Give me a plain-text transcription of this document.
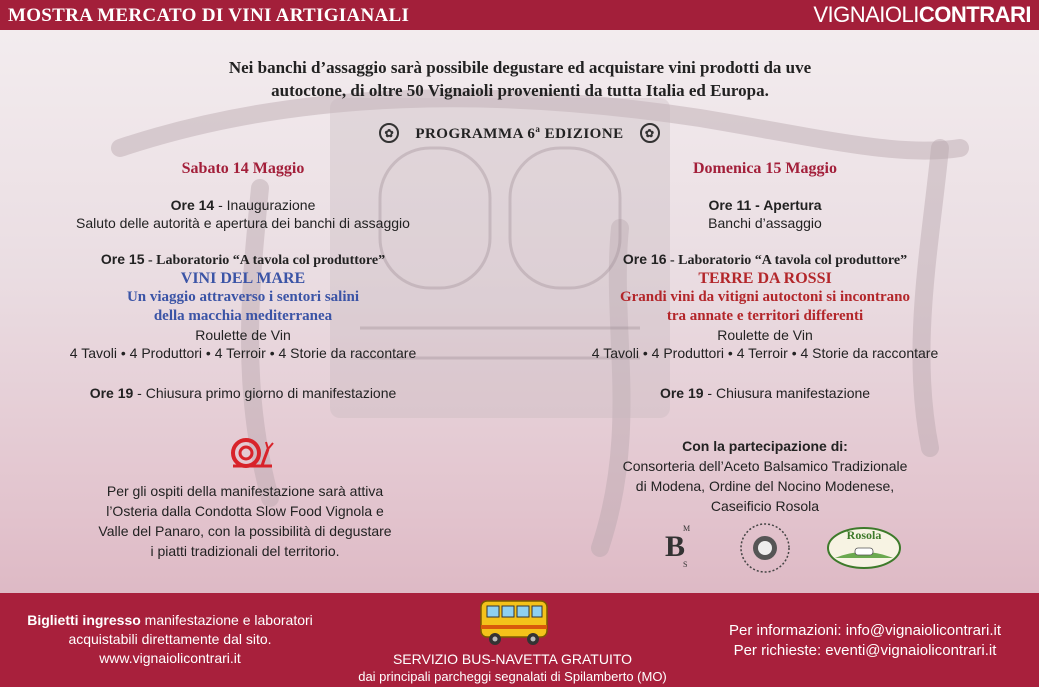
MOSTRA MERCATO DI VINI ARTIGIANALI	VIGNAIOLICONTRARI
Nei banchi d’assaggio sarà possibile degustare ed acquistare vini prodotti da uve
autoctone, di oltre 50 Vignaioli provenienti da tutta Italia ed Europa.
✿	PROGRAMMA 6$^a$ EDIZIONE	✿
Sabato 14 Maggio
Ore 14 - Inaugurazione
Saluto delle autorità e apertura dei banchi di assaggio
Ore 15 - Laboratorio “A tavola col produttore”
VINI DEL MARE
Un viaggio attraverso i sentori salini
della macchia mediterranea
Roulette de Vin
4 Tavoli • 4 Produttori • 4 Terroir • 4 Storie da raccontare
Ore 19 - Chiusura primo giorno di manifestazione
Domenica 15 Maggio
Ore 11 - Apertura
Banchi d’assaggio
Ore 16 - Laboratorio “A tavola col produttore”
TERRE DA ROSSI
Grandi vini da vitigni autoctoni si incontrano
tra annate e territori differenti
Roulette de Vin
4 Tavoli • 4 Produttori • 4 Terroir • 4 Storie da raccontare
Ore 19 - Chiusura manifestazione
Per gli ospiti della manifestazione sarà attiva
l’Osteria dalla Condotta Slow Food Vignola e
Valle del Panaro, con la possibilità di degustare
i piatti tradizionali del territorio.
Con la partecipazione di:
Consorteria dell’Aceto Balsamico Tradizionale
di Modena, Ordine del Nocino Modenese,
Caseificio Rosola
M
B
S
Rosola
Biglietti ingresso manifestazione e laboratori
acquistabili direttamente dal sito.
www.vignaiolicontrari.it	SERVIZIO BUS-NAVETTA GRATUITO
dai principali parcheggi segnalati di Spilamberto (MO)
Per informazioni: info@vignaiolicontrari.it
Per richieste: eventi@vignaiolicontrari.it
